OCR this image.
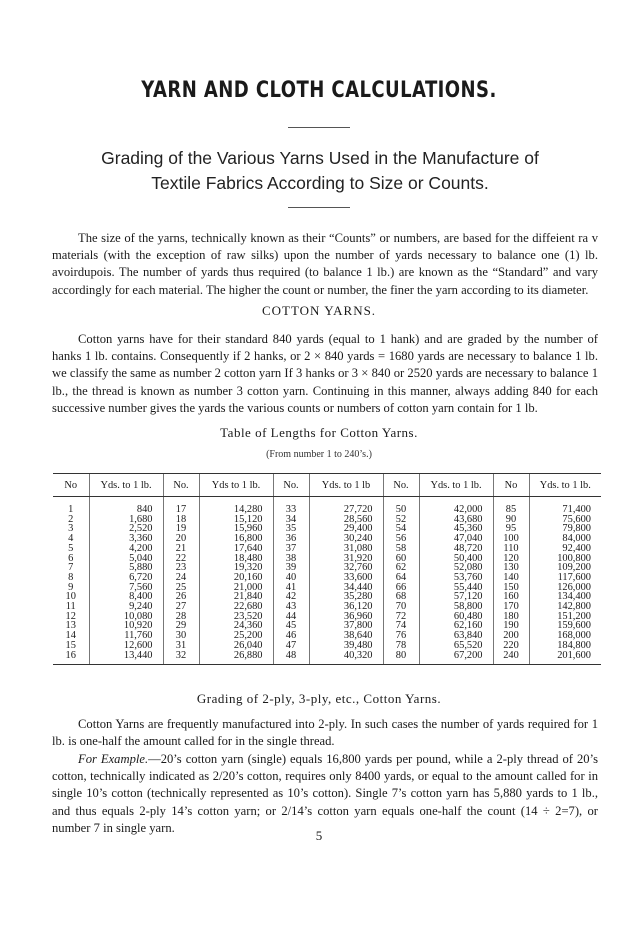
YARN AND CLOTH CALCULATIONS.
Grading of the Various Yarns Used in the Manufacture of
Textile Fabrics According to Size or Counts.
The size of the yarns, technically known as their “Counts” or numbers, are based for the diffeient ra v materials (with the exception of raw silks) upon the number of yards necessary to balance one (1) lb. avoirdupois. The number of yards thus required (to balance 1 lb.) are known as the “Standard” and vary accordingly for each material. The higher the count or number, the finer the yarn according to its diameter.
COTTON YARNS.
Cotton yarns have for their standard 840 yards (equal to 1 hank) and are graded by the number of hanks 1 lb. contains. Consequently if 2 hanks, or 2 × 840 yards = 1680 yards are necessary to balance 1 lb. we classify the same as number 2 cotton yarn If 3 hanks or 3 × 840 or 2520 yards are necessary to balance 1 lb., the thread is known as number 3 cotton yarn. Continuing in this manner, always adding 840 for each successive number gives the yards the various counts or numbers of cotton yarn contain for 1 lb.
Table of Lengths for Cotton Yarns.
(From number 1 to 240’s.)
No	Yds. to 1 lb.	No.	Yds to 1 lb.	No.	Yds. to 1 lb	No.	Yds. to 1 lb.	No	Yds. to 1 lb.
1	840	17	14,280	33	27,720	50	42,000	85	71,400
2	1,680	18	15,120	34	28,560	52	43,680	90	75,600
3	2,520	19	15,960	35	29,400	54	45,360	95	79,800
4	3,360	20	16,800	36	30,240	56	47,040	100	84,000
5	4,200	21	17,640	37	31,080	58	48,720	110	92,400
6	5,040	22	18,480	38	31,920	60	50,400	120	100,800
7	5,880	23	19,320	39	32,760	62	52,080	130	109,200
8	6,720	24	20,160	40	33,600	64	53,760	140	117,600
9	7,560	25	21,000	41	34,440	66	55,440	150	126,000
10	8,400	26	21,840	42	35,280	68	57,120	160	134,400
11	9,240	27	22,680	43	36,120	70	58,800	170	142,800
12	10,080	28	23,520	44	36,960	72	60,480	180	151,200
13	10,920	29	24,360	45	37,800	74	62,160	190	159,600
14	11,760	30	25,200	46	38,640	76	63,840	200	168,000
15	12,600	31	26,040	47	39,480	78	65,520	220	184,800
16	13,440	32	26,880	48	40,320	80	67,200	240	201,600
Grading of 2-ply, 3-ply, etc., Cotton Yarns.
Cotton Yarns are frequently manufactured into 2-ply. In such cases the number of yards required for 1 lb. is one-half the amount called for in the single thread.
For Example.—20’s cotton yarn (single) equals 16,800 yards per pound, while a 2-ply thread of 20’s cotton, technically indicated as 2/20’s cotton, requires only 8400 yards, or equal to the amount called for in single 10’s cotton (technically represented as 10’s cotton). Single 7’s cotton yarn has 5,880 yards to 1 lb., and thus equals 2-ply 14’s cotton yarn; or 2/14’s cotton yarn equals one-half the count (14 ÷ 2=7), or number 7 in single yarn.
5
